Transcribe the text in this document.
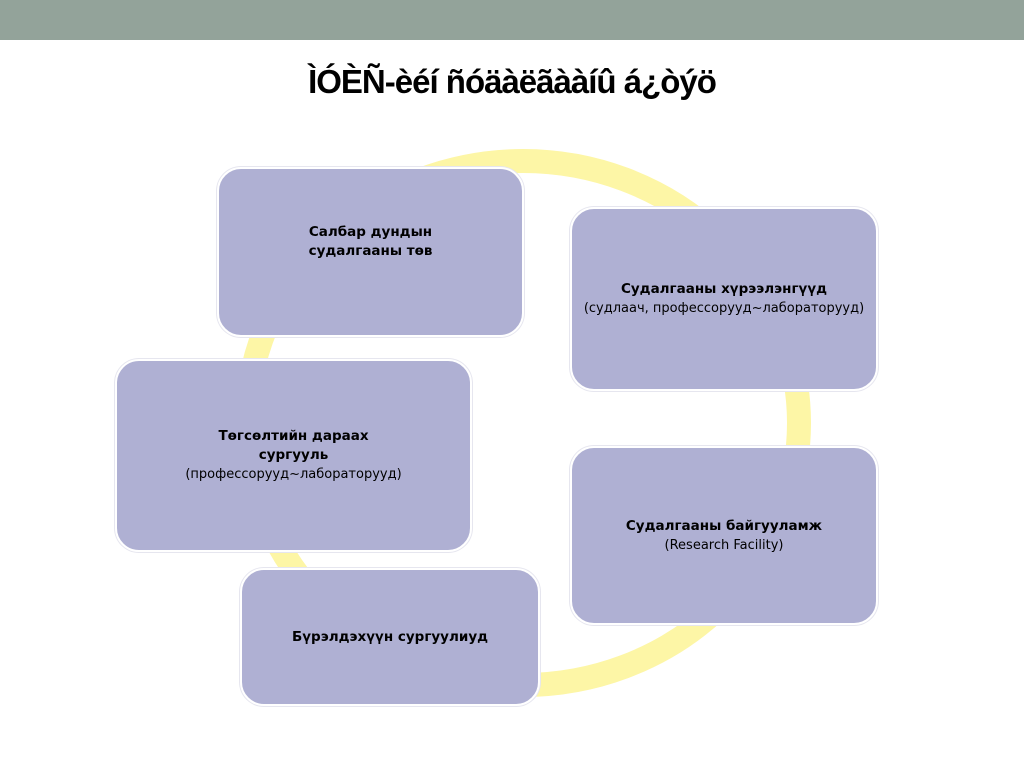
ÌÓÈÑ-èéí ñóäàëãààíû á¿òýö
Салбар дундын
судалгааны төв
Судалгааны хүрээлэнгүүд
(судлаач, профессорууд~лабораторууд)
Төгсөлтийн дараах
сургууль
(профессорууд~лабораторууд)
Судалгааны байгууламж
(Research Facility)
Бүрэлдэхүүн сургуулиуд
